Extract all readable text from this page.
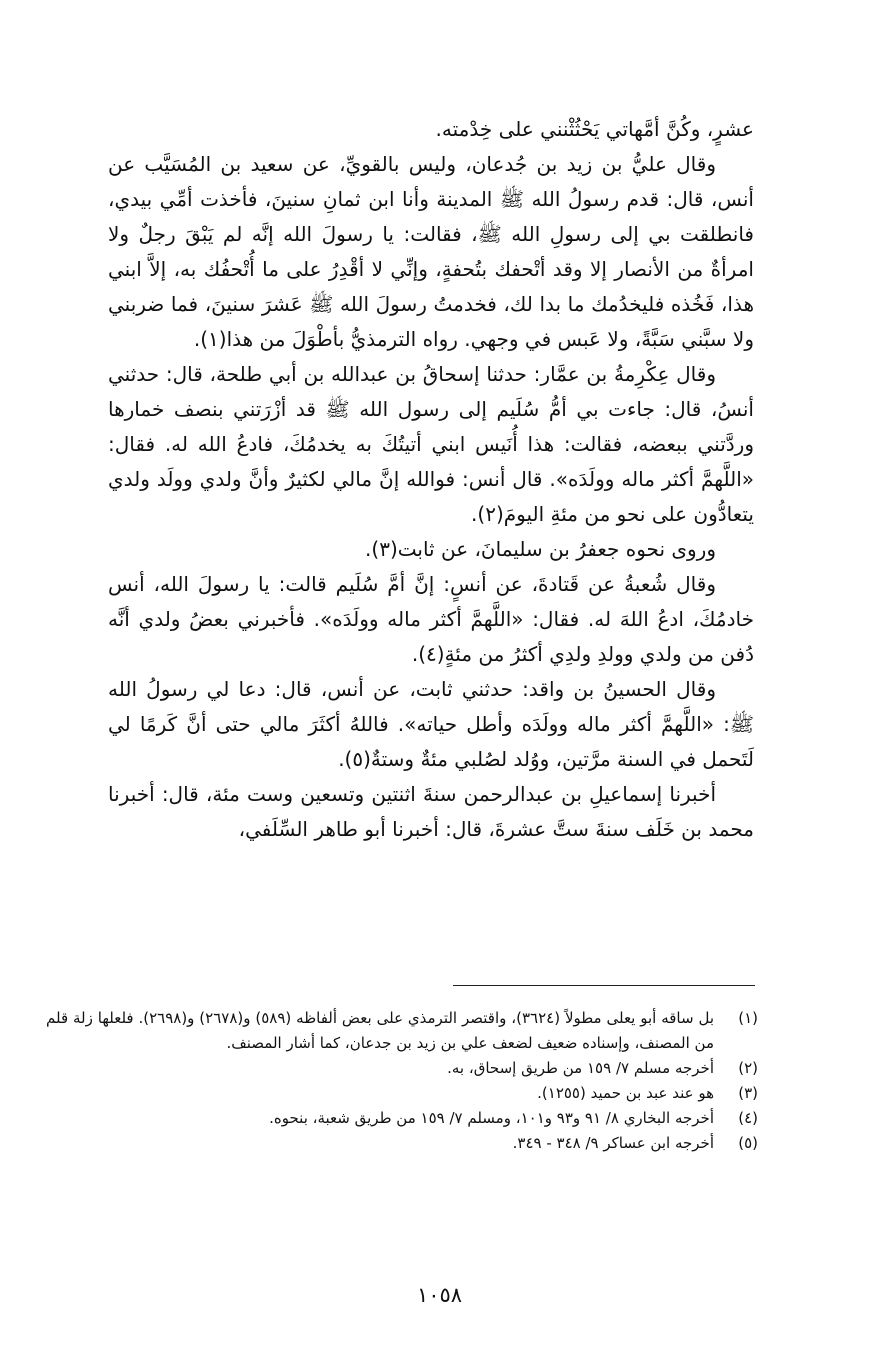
عشرٍ، وكُنَّ أمَّهاتي يَحْثُثْنني على خِدْمته.

وقال عليُّ بن زيد بن جُدعان، وليس بالقويِّ، عن سعيد بن المُسَيَّب عن أنس، قال: قدم رسولُ الله ﷺ المدينة وأنا ابن ثمانِ سنينَ، فأخذت أمِّي بيدي، فانطلقت بي إلى رسولِ الله ﷺ، فقالت: يا رسولَ الله إنَّه لم يَبْقَ رجلٌ ولا امرأةٌ من الأنصار إلا وقد أتْحفك بتُحفةٍ، وإنِّي لا أقْدِرُ على ما أُتْحفُك به، إلاَّ ابني هذا، فَخُذه فليخدُمك ما بدا لك، فخدمتُ رسولَ الله ﷺ عَشرَ سنينَ، فما ضربني ولا سبَّني سَبَّةً، ولا عَبس في وجهي. رواه الترمذيُّ بأطْوَلَ من هذا(١).

وقال عِكْرِمةُ بن عمَّار: حدثنا إسحاقُ بن عبدالله بن أبي طلحة، قال: حدثني أنسُ، قال: جاءت بي أمُّ سُلَيم إلى رسول الله ﷺ قد أزْرَتني بنصف خمارها وردَّتني ببعضه، فقالت: هذا أُنَيس ابني أتيتُكَ به يخدمُكَ، فادعُ الله له. فقال: «اللَّهمَّ أكثر ماله وولَدَه». قال أنس: فوالله إنَّ مالي لكثيرٌ وأنَّ ولدي وولَد ولدي يتعادُّون على نحو من مئةِ اليومَ(٢).

وروى نحوه جعفرُ بن سليمانَ، عن ثابت(٣).

وقال شُعبةُ عن قَتادةَ، عن أنسٍ: إنَّ أمَّ سُلَيم قالت: يا رسولَ الله، أنس خادمُكَ، ادعُ اللهَ له. فقال: «اللَّهمَّ أكثر ماله وولَدَه». فأخبرني بعضُ ولدي أنَّه دُفن من ولدي وولدِ ولدِي أكثرُ من مئةٍ(٤).

وقال الحسينُ بن واقد: حدثني ثابت، عن أنس، قال: دعا لي رسولُ الله ﷺ: «اللَّهمَّ أكثر ماله وولَدَه وأطل حياته». فاللهُ أكثَرَ مالي حتى أنَّ كَرمًا لي لَتَحمل في السنة مرَّتين، ووُلد لصُلبي مئةٌ وستةٌ(٥).

أخبرنا إسماعيلِ بن عبدالرحمن سنةَ اثنتين وتسعين وست مئة، قال: أخبرنا محمد بن خَلَف سنةَ ستَّ عشرةَ، قال: أخبرنا أبو طاهر السِّلَفي،

(١)
بل ساقه أبو يعلى مطولاً (٣٦٢٤)، واقتصر الترمذي على بعض ألفاظه (٥٨٩) و(٢٦٧٨) و(٢٦٩٨). فلعلها زلة قلم من المصنف، وإسناده ضعيف لضعف علي بن زيد بن جدعان، كما أشار المصنف.
(٢)
أخرجه مسلم ٧/ ١٥٩ من طريق إسحاق، به.
(٣)
هو عند عبد بن حميد (١٢٥٥).
(٤)
أخرجه البخاري ٨/ ٩١ و٩٣ و١٠١، ومسلم ٧/ ١٥٩ من طريق شعبة، بنحوه.
(٥)
أخرجه ابن عساكر ٩/ ٣٤٨ - ٣٤٩.
١٠٥٨
